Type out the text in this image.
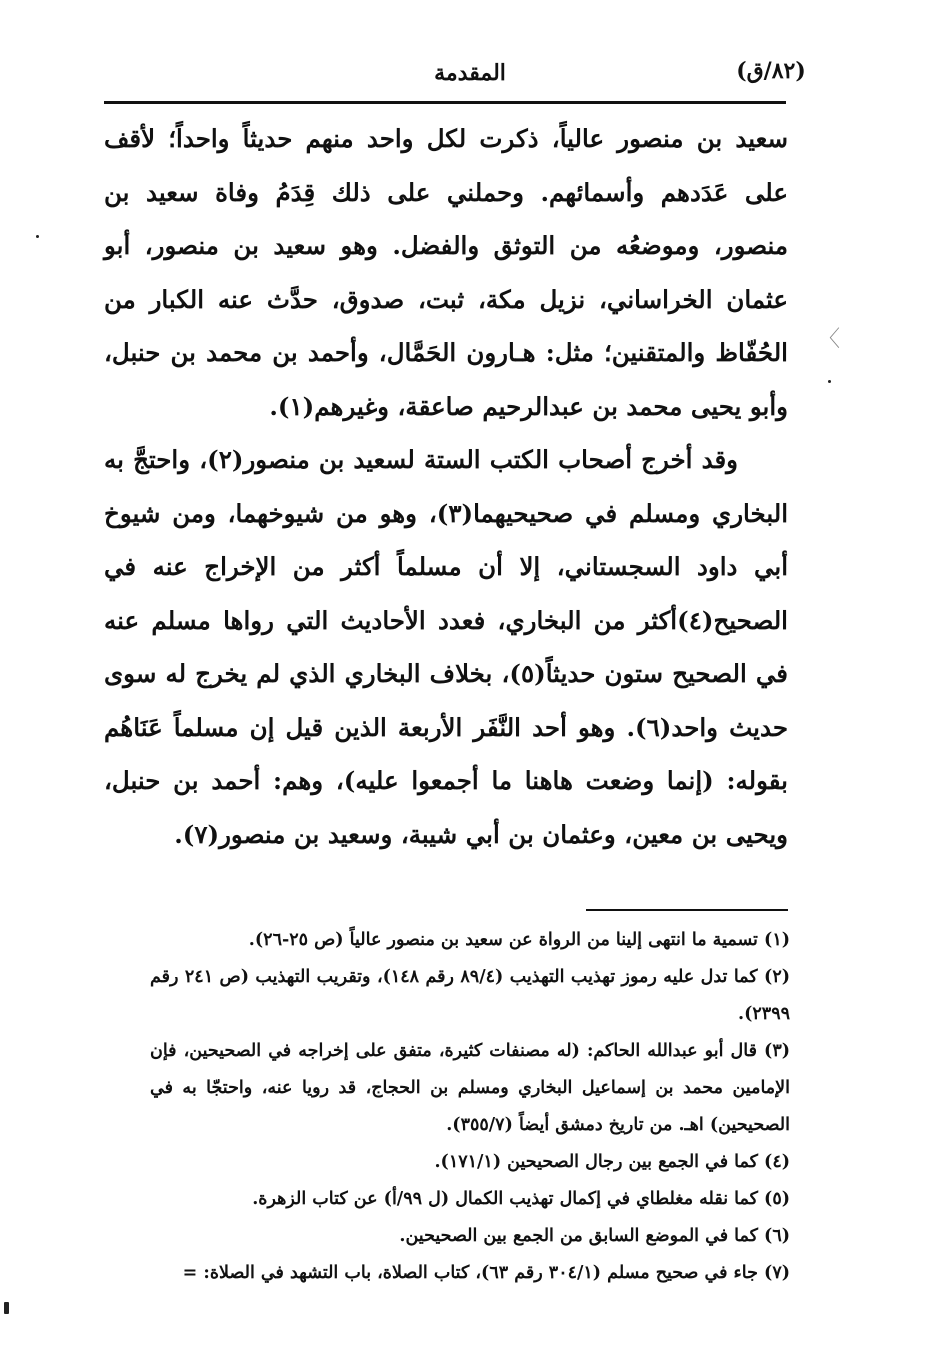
(٨٢/ق)
المقدمة

سعيد بن منصور عالياً، ذكرت لكل واحد منهم حديثاً واحداً؛ لأقف على عَدَدهم وأسمائهم. وحملني على ذلك قِدَمُ وفاة سعيد بن منصور، وموضعُه من التوثق والفضل. وهو سعيد بن منصور، أبو عثمان الخراساني، نزيل مكة، ثبت، صدوق، حدَّث عنه الكبار من الحُفّاظ والمتقنين؛ مثل: هـارون الحَمَّال، وأحمد بن محمد بن حنبل، وأبو يحيى محمد بن عبدالرحيم صاعقة، وغيرهم(١).

وقد أخرج أصحاب الكتب الستة لسعيد بن منصور(٢)، واحتجَّ به البخاري ومسلم في صحيحيهما(٣)، وهو من شيوخهما، ومن شيوخ أبي داود السجستاني، إلا أن مسلماً أكثر من الإخراج عنه في الصحيح(٤)أكثر من البخاري، فعدد الأحاديث التي رواها مسلم عنه في الصحيح ستون حديثاً(٥)، بخلاف البخاري الذي لم يخرج له سوى حديث واحد(٦). وهو أحد النَّفَر الأربعة الذين قيل إن مسلماً عَنَاهُم بقوله: (إنما وضعت هاهنا ما أجمعوا عليه)، وهم: أحمد بن حنبل، ويحيى بن معين، وعثمان بن أبي شيبة، وسعيد بن منصور(٧).

(١) تسمية ما انتهى إلينا من الرواة عن سعيد بن منصور عالياً (ص ٢٥-٢٦).

(٢) كما تدل عليه رموز تهذيب التهذيب (٨٩/٤ رقم ١٤٨)، وتقريب التهذيب (ص ٢٤١ رقم ٢٣٩٩).

(٣) قال أبو عبدالله الحاكم: (له مصنفات كثيرة، متفق على إخراجه في الصحيحين، فإن الإمامين محمد بن إسماعيل البخاري ومسلم بن الحجاج، قد رويا عنه، واحتجّا به في الصحيحين) اهـ. من تاريخ دمشق أيضاً (٣٥٥/٧).

(٤) كما في الجمع بين رجال الصحيحين (١٧١/١).

(٥) كما نقله مغلطاي في إكمال تهذيب الكمال (ل ٩٩/أ) عن كتاب الزهرة.

(٦) كما في الموضع السابق من الجمع بين الصحيحين.

(٧) جاء في صحيح مسلم (٣٠٤/١ رقم ٦٣)، كتاب الصلاة، باب التشهد في الصلاة: =

〈
